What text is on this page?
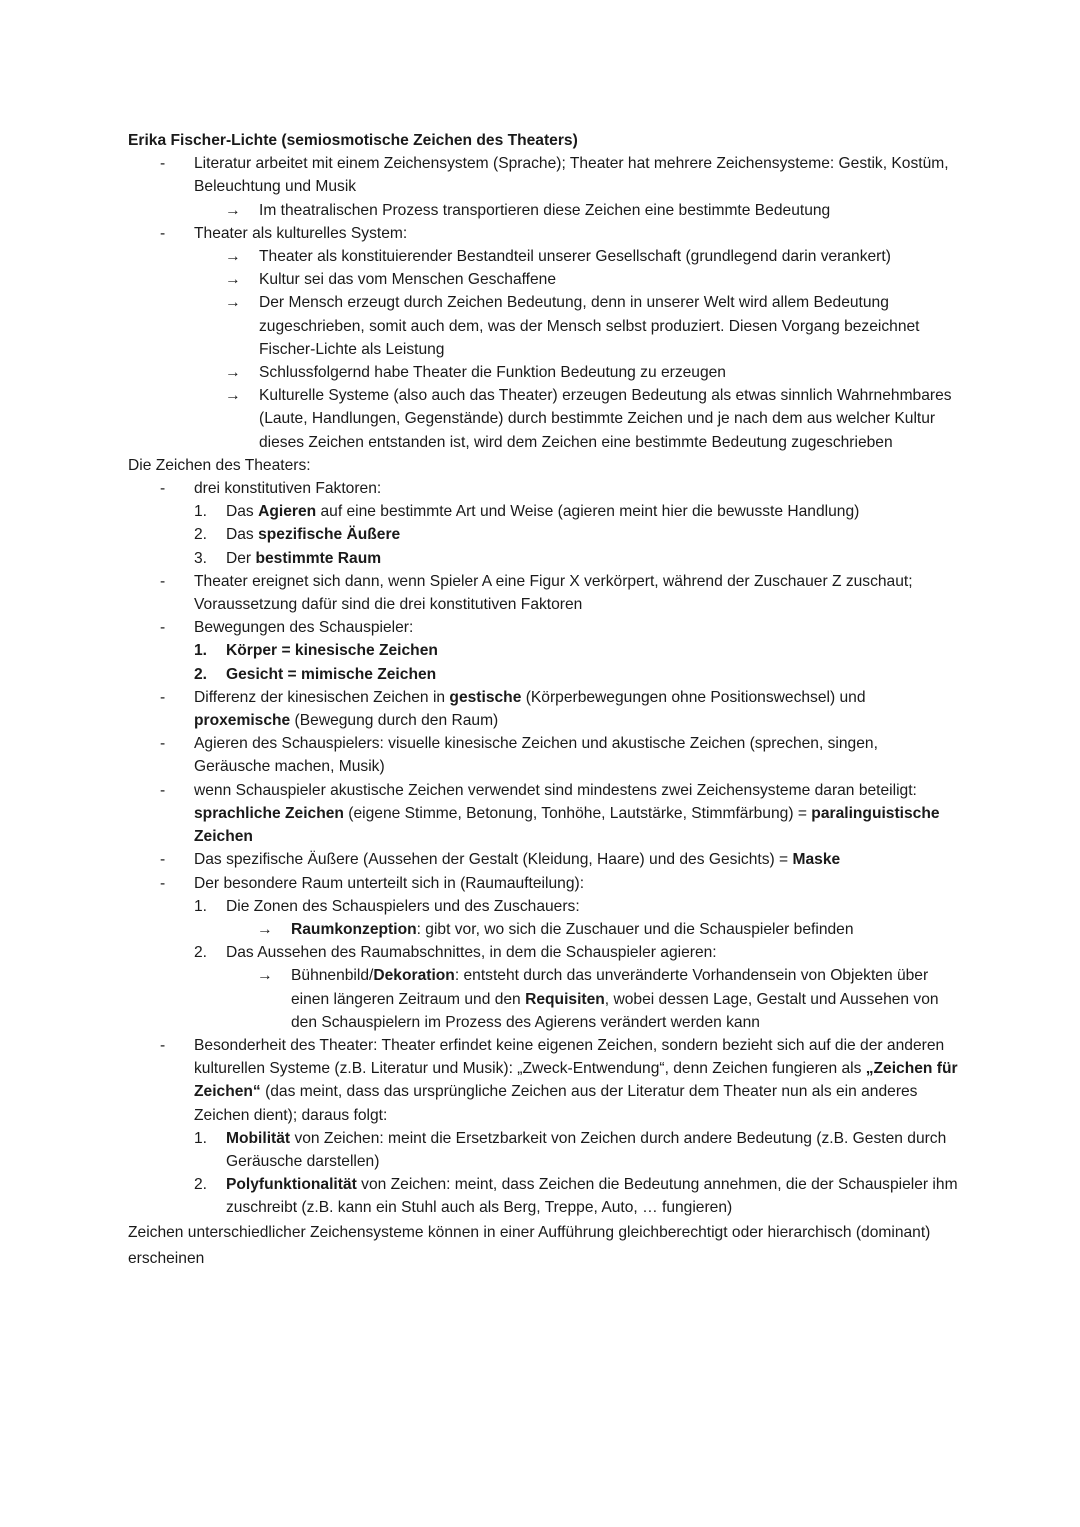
Erika Fischer-Lichte (semiosmotische Zeichen des Theaters)
-	Literatur arbeitet mit einem Zeichensystem (Sprache); Theater hat mehrere Zeichensysteme: Gestik, Kostüm, Beleuchtung und Musik
→	Im theatralischen Prozess transportieren diese Zeichen eine bestimmte Bedeutung
-	Theater als kulturelles System:
→	Theater als konstituierender Bestandteil unserer Gesellschaft (grundlegend darin verankert)
→	Kultur sei das vom Menschen Geschaffene
→	Der Mensch erzeugt durch Zeichen Bedeutung, denn in unserer Welt wird allem Bedeutung zugeschrieben, somit auch dem, was der Mensch selbst produziert. Diesen Vorgang bezeichnet Fischer-Lichte als Leistung
→	Schlussfolgernd habe Theater die Funktion Bedeutung zu erzeugen
→	Kulturelle Systeme (also auch das Theater) erzeugen Bedeutung als etwas sinnlich Wahrnehmbares (Laute, Handlungen, Gegenstände) durch bestimmte Zeichen und je nach dem aus welcher Kultur dieses Zeichen entstanden ist, wird dem Zeichen eine bestimmte Bedeutung zugeschrieben
Die Zeichen des Theaters:
-	drei konstitutiven Faktoren:
1.	Das Agieren auf eine bestimmte Art und Weise (agieren meint hier die bewusste Handlung)
2.	Das spezifische Äußere
3.	Der bestimmte Raum
-	Theater ereignet sich dann, wenn Spieler A eine Figur X verkörpert, während der Zuschauer Z zuschaut; Voraussetzung dafür sind die drei konstitutiven Faktoren
-	Bewegungen des Schauspieler:
1.	Körper = kinesische Zeichen
2.	Gesicht = mimische Zeichen
-	Differenz der kinesischen Zeichen in gestische (Körperbewegungen ohne Positionswechsel) und proxemische (Bewegung durch den Raum)
-	Agieren des Schauspielers: visuelle kinesische Zeichen und akustische Zeichen (sprechen, singen, Geräusche machen, Musik)
-	wenn Schauspieler akustische Zeichen verwendet sind mindestens zwei Zeichensysteme daran beteiligt: sprachliche Zeichen (eigene Stimme, Betonung, Tonhöhe, Lautstärke, Stimmfärbung) = paralinguistische Zeichen
-	Das spezifische Äußere (Aussehen der Gestalt (Kleidung, Haare) und des Gesichts) = Maske
-	Der besondere Raum unterteilt sich in (Raumaufteilung):
1.	Die Zonen des Schauspielers und des Zuschauers:
→	Raumkonzeption: gibt vor, wo sich die Zuschauer und die Schauspieler befinden
2.	Das Aussehen des Raumabschnittes, in dem die Schauspieler agieren:
→	Bühnenbild/Dekoration: entsteht durch das unveränderte Vorhandensein von Objekten über einen längeren Zeitraum und den Requisiten, wobei dessen Lage, Gestalt und Aussehen von den Schauspielern im Prozess des Agierens verändert werden kann
-	Besonderheit des Theater: Theater erfindet keine eigenen Zeichen, sondern bezieht sich auf die der anderen kulturellen Systeme (z.B. Literatur und Musik): „Zweck-Entwendung“, denn Zeichen fungieren als „Zeichen für Zeichen“ (das meint, dass das ursprüngliche Zeichen aus der Literatur dem Theater nun als ein anderes Zeichen dient); daraus folgt:
1.	Mobilität von Zeichen: meint die Ersetzbarkeit von Zeichen durch andere Bedeutung (z.B. Gesten durch Geräusche darstellen)
2.	Polyfunktionalität von Zeichen: meint, dass Zeichen die Bedeutung annehmen, die der Schauspieler ihm zuschreibt (z.B. kann ein Stuhl auch als Berg, Treppe, Auto, … fungieren)
Zeichen unterschiedlicher Zeichensysteme können in einer Aufführung gleichberechtigt oder hierarchisch (dominant) erscheinen
